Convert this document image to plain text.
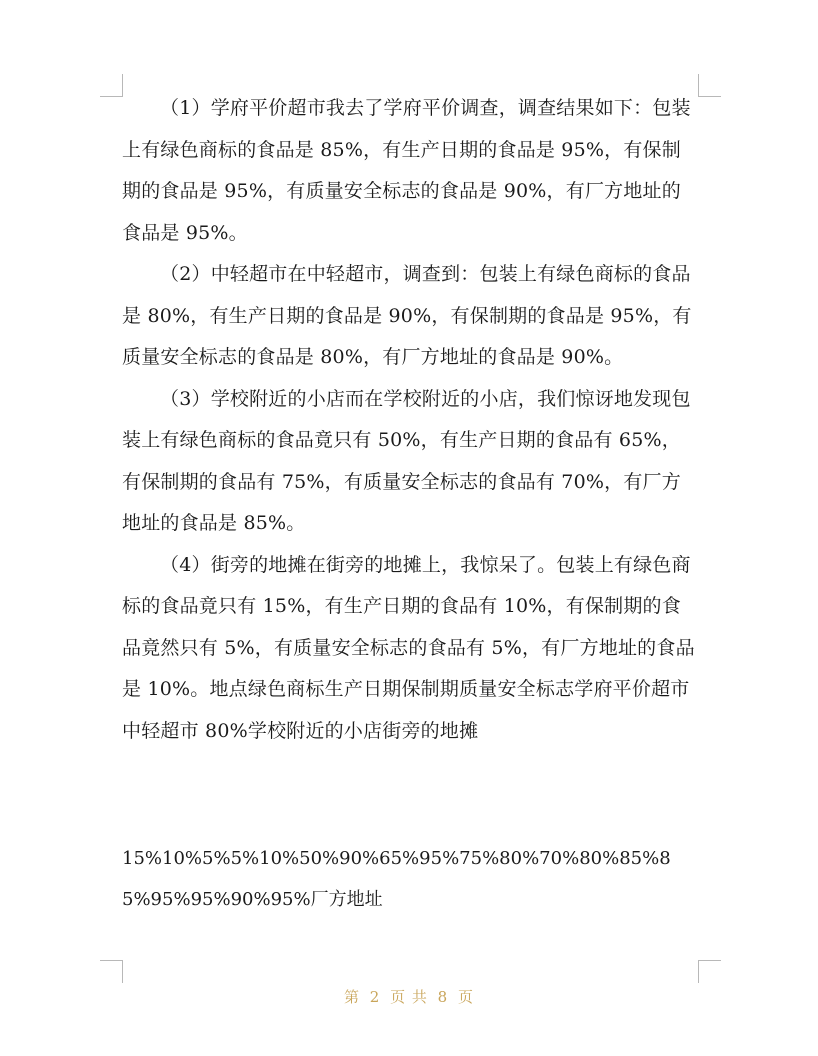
（1）学府平价超市我去了学府平价调查，调查结果如下：包装上有绿色商标的食品是 85%，有生产日期的食品是 95%，有保制期的食品是 95%，有质量安全标志的食品是 90%，有厂方地址的食品是 95%。

（2）中轻超市在中轻超市，调查到：包装上有绿色商标的食品是 80%，有生产日期的食品是 90%，有保制期的食品是 95%，有质量安全标志的食品是 80%，有厂方地址的食品是 90%。

（3）学校附近的小店而在学校附近的小店，我们惊讶地发现包装上有绿色商标的食品竟只有 50%，有生产日期的食品有 65%，有保制期的食品有 75%，有质量安全标志的食品有 70%，有厂方地址的食品是 85%。

（4）街旁的地摊在街旁的地摊上，我惊呆了。包装上有绿色商标的食品竟只有 15%，有生产日期的食品有 10%，有保制期的食品竟然只有 5%，有质量安全标志的食品有 5%，有厂方地址的食品是 10%。地点绿色商标生产日期保制期质量安全标志学府平价超市中轻超市 80%学校附近的小店街旁的地摊

15%10%5%5%10%50%90%65%95%75%80%70%80%85%85%95%95%90%95%厂方地址

第 2 页 共 8 页
